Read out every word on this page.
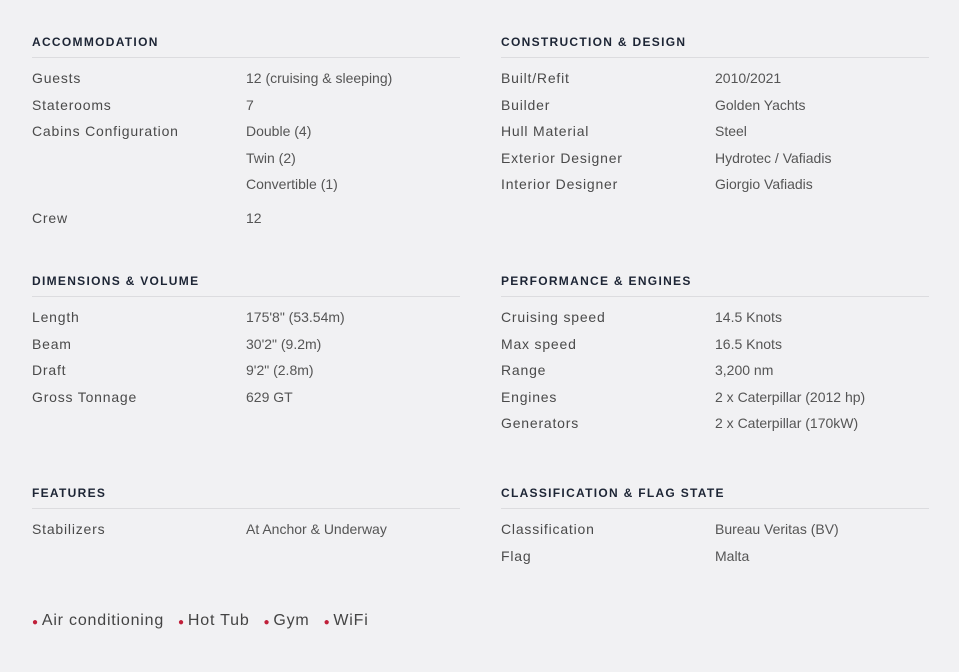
ACCOMMODATION
Guests	12 (cruising & sleeping)
Staterooms	7
Cabins Configuration	Double (4)
Twin (2)
Convertible (1)
Crew	12
CONSTRUCTION & DESIGN
Built/Refit	2010/2021
Builder	Golden Yachts
Hull Material	Steel
Exterior Designer	Hydrotec / Vafiadis
Interior Designer	Giorgio Vafiadis
DIMENSIONS & VOLUME
Length	175'8" (53.54m)
Beam	30'2" (9.2m)
Draft	9'2" (2.8m)
Gross Tonnage	629 GT
PERFORMANCE & ENGINES
Cruising speed	14.5 Knots
Max speed	16.5 Knots
Range	3,200 nm
Engines	2 x Caterpillar (2012 hp)
Generators	2 x Caterpillar (170kW)
FEATURES
Stabilizers	At Anchor & Underway
CLASSIFICATION & FLAG STATE
Classification	Bureau Veritas (BV)
Flag	Malta
● Air conditioning ● Hot Tub ● Gym ● WiFi
